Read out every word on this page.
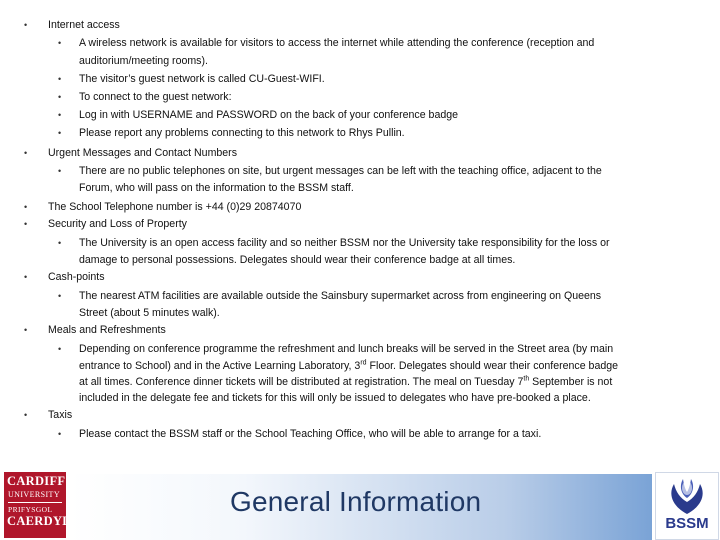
• Internet access
• A wireless network is available for visitors to access the internet while attending the conference (reception and
auditorium/meeting rooms).
• The visitor’s guest network is called CU-Guest-WIFI.
• To connect to the guest network:
• Log in with USERNAME and PASSWORD on the back of your conference badge
• Please report any problems connecting to this network to Rhys Pullin.
• Urgent Messages and Contact Numbers
• There are no public telephones on site, but urgent messages can be left with the teaching office, adjacent to the
Forum, who will pass on the information to the BSSM staff.
• The School Telephone number is +44 (0)29 20874070
• Security and Loss of Property
• The University is an open access facility and so neither BSSM nor the University take responsibility for the loss or
damage to personal possessions. Delegates should wear their conference badge at all times.
• Cash-points
• The nearest ATM facilities are available outside the Sainsbury supermarket across from engineering on Queens
Street (about 5 minutes walk).
• Meals and Refreshments
• Depending on conference programme the refreshment and lunch breaks will be served in the Street area (by main
entrance to School) and in the Active Learning Laboratory, 3rd Floor. Delegates should wear their conference badge
at all times. Conference dinner tickets will be distributed at registration. The meal on Tuesday 7th September is not
included in the delegate fee and tickets for this will only be issued to delegates who have pre-booked a place.
• Taxis
• Please contact the BSSM staff or the School Teaching Office, who will be able to arrange for a taxi.
General Information
CARDIFF
UNIVERSITY
PRIFYSGOL
CAERDYD	BSSM
